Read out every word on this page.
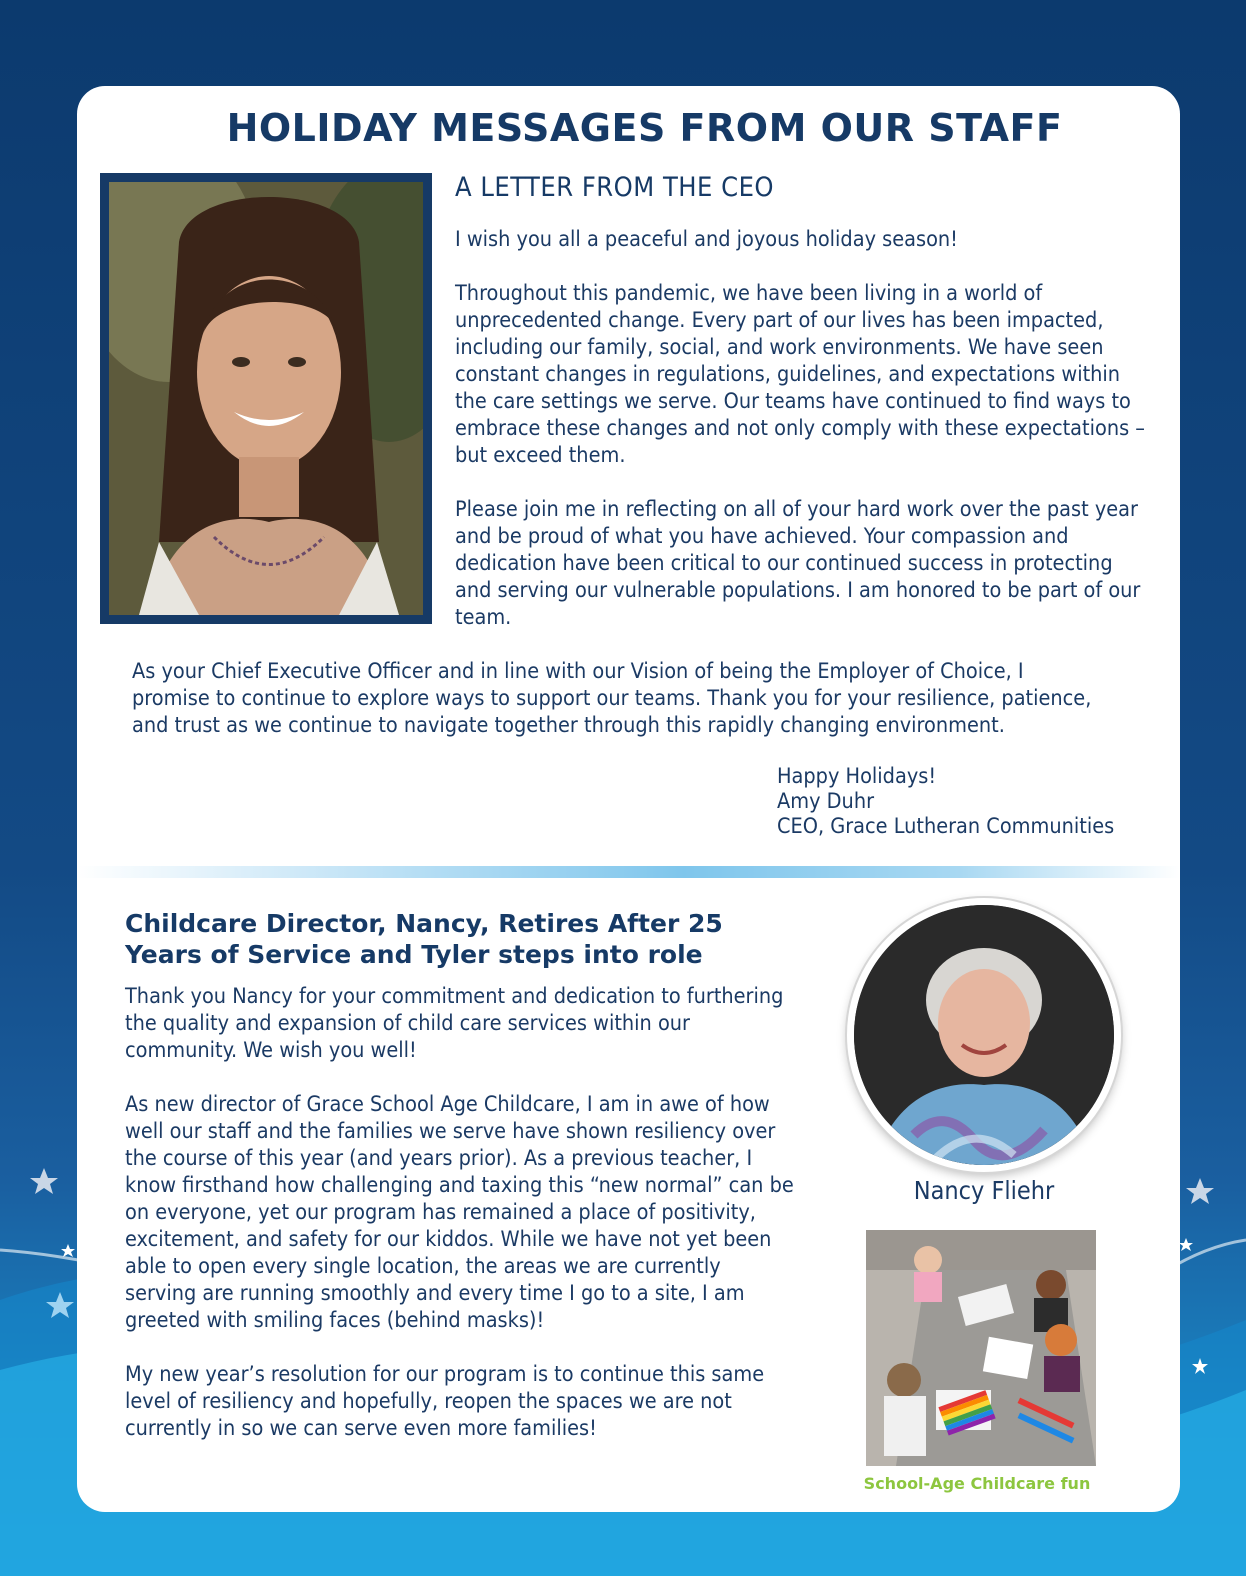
HOLIDAY MESSAGES FROM OUR STAFF
A LETTER FROM THE CEO

I wish you all a peaceful and joyous holiday season!

Throughout this pandemic, we have been living in a world of unprecedented change. Every part of our lives has been impacted, including our family, social, and work environments. We have seen constant changes in regulations, guidelines, and expectations within the care settings we serve. Our teams have continued to find ways to embrace these changes and not only comply with these expectations – but exceed them.

Please join me in reflecting on all of your hard work over the past year and be proud of what you have achieved. Your compassion and dedication have been critical to our continued success in protecting and serving our vulnerable populations. I am honored to be part of our team.

As your Chief Executive Officer and in line with our Vision of being the Employer of Choice, I promise to continue to explore ways to support our teams. Thank you for your resilience, patience, and trust as we continue to navigate together through this rapidly changing environment.

Happy Holidays!
Amy Duhr
CEO, Grace Lutheran Communities
Childcare Director, Nancy, Retires After 25 Years of Service and Tyler steps into role

Thank you Nancy for your commitment and dedication to furthering the quality and expansion of child care services within our community. We wish you well!

As new director of Grace School Age Childcare, I am in awe of how well our staff and the families we serve have shown resiliency over the course of this year (and years prior). As a previous teacher, I know firsthand how challenging and taxing this “new normal” can be on everyone, yet our program has remained a place of positivity, excitement, and safety for our kiddos. While we have not yet been able to open every single location, the areas we are currently serving are running smoothly and every time I go to a site, I am greeted with smiling faces (behind masks)!

My new year’s resolution for our program is to continue this same level of resiliency and hopefully, reopen the spaces we are not currently in so we can serve even more families!

Nancy Fliehr
School-Age Childcare fun
